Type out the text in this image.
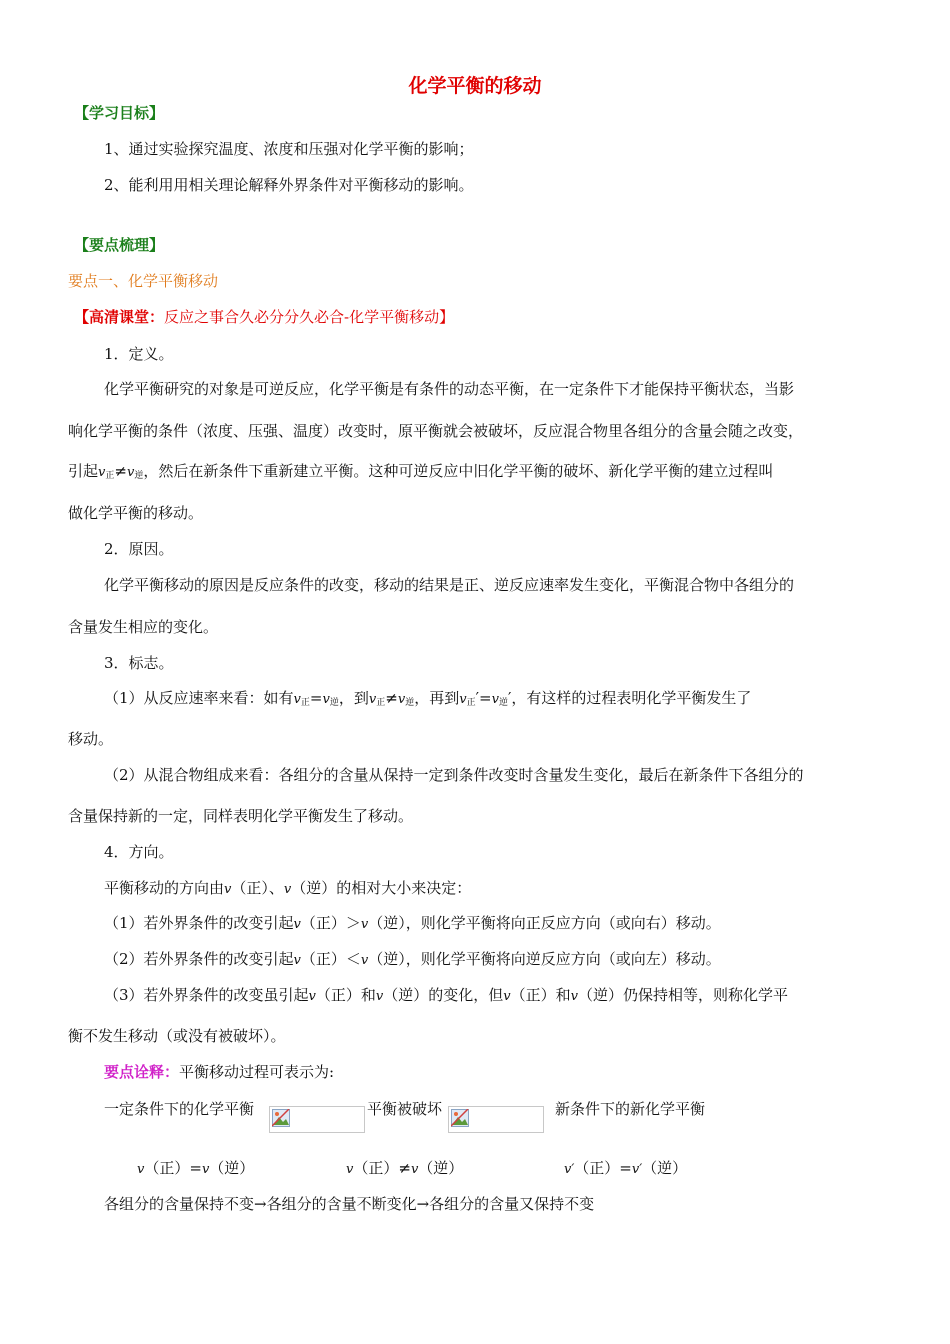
化学平衡的移动
【学习目标】
1、通过实验探究温度、浓度和压强对化学平衡的影响；
2、能利用用相关理论解释外界条件对平衡移动的影响。
【要点梳理】
要点一、化学平衡移动
【高清课堂：反应之事合久必分分久必合-化学平衡移动】
1．定义。
化学平衡研究的对象是可逆反应，化学平衡是有条件的动态平衡，在一定条件下才能保持平衡状态，当影
响化学平衡的条件（浓度、压强、温度）改变时，原平衡就会被破坏，反应混合物里各组分的含量会随之改变，
引起$v_正\ne v_逆$，然后在新条件下重新建立平衡。这种可逆反应中旧化学平衡的破坏、新化学平衡的建立过程叫
做化学平衡的移动。
2．原因。
化学平衡移动的原因是反应条件的改变，移动的结果是正、逆反应速率发生变化，平衡混合物中各组分的
含量发生相应的变化。
3．标志。
（1）从反应速率来看：如有$v_正=v_逆$，到$v_正\ne v_逆$，再到$v_正'=v_逆'$，有这样的过程表明化学平衡发生了
移动。
（2）从混合物组成来看：各组分的含量从保持一定到条件改变时含量发生变化，最后在新条件下各组分的
含量保持新的一定，同样表明化学平衡发生了移动。
4．方向。
平衡移动的方向由v（正）、v（逆）的相对大小来决定：
（1）若外界条件的改变引起v（正）＞v（逆），则化学平衡将向正反应方向（或向右）移动。
（2）若外界条件的改变引起v（正）＜v（逆），则化学平衡将向逆反应方向（或向左）移动。
（3）若外界条件的改变虽引起v（正）和v（逆）的变化，但v（正）和v（逆）仍保持相等，则称化学平
衡不发生移动（或没有被破坏）。
要点诠释：平衡移动过程可表示为:
一定条件下的化学平衡	平衡被破坏	新条件下的新化学平衡
v（正）=v（逆）	v（正）≠v（逆）	v′（正）=v′（逆）
各组分的含量保持不变→各组分的含量不断变化→各组分的含量又保持不变
